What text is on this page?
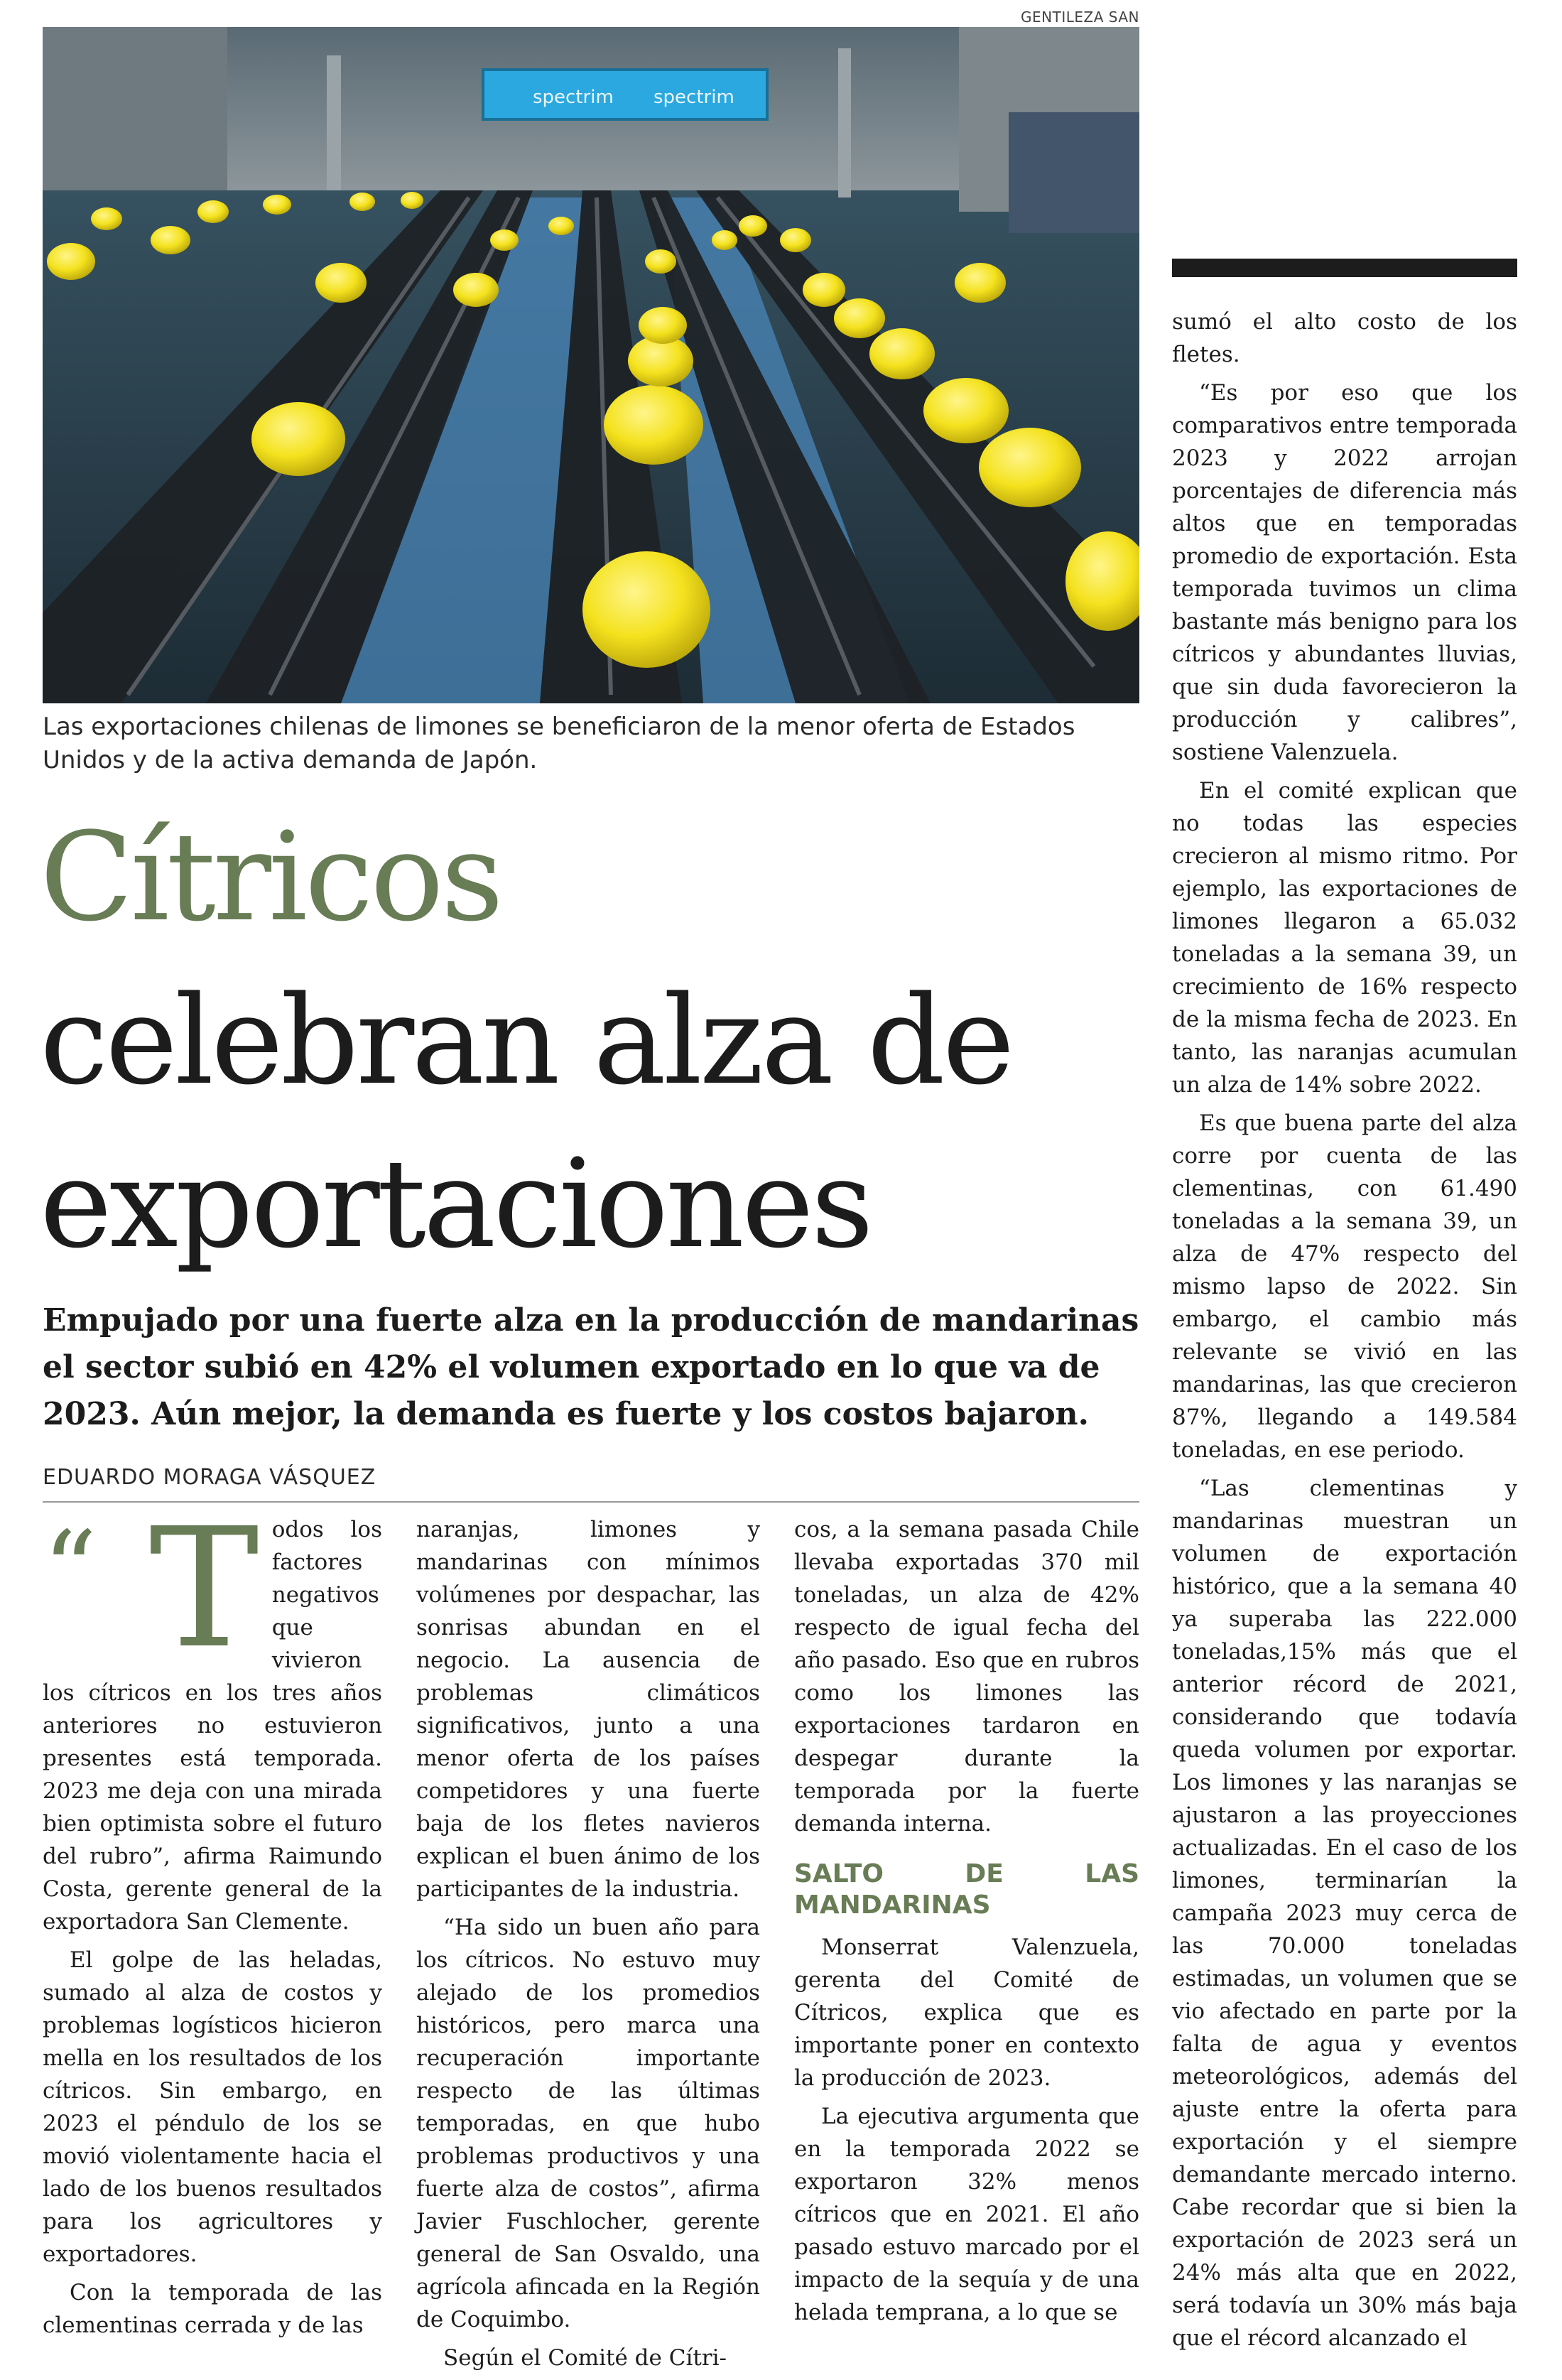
GENTILEZA SAN
spectrim spectrim
Las exportaciones chilenas de limones se beneficiaron de la menor oferta de Estados Unidos y de la activa demanda de Japón.
Cítricos
celebran alza de
exportaciones

Empujado por una fuerte alza en la producción de mandarinas el sector subió en 42% el volumen exportado en lo que va de 2023. Aún mejor, la demanda es fuerte y los costos bajaron.

EDUARDO MORAGA VÁSQUEZ
“ T odos los factores negativos que vivieron los cítricos en los tres años anteriores no estuvieron presentes está temporada. 2023 me deja con una mirada bien optimista sobre el futuro del rubro”, afirma Raimundo Costa, gerente general de la exportadora San Clemente.

El golpe de las heladas, sumado al alza de costos y problemas logísticos hicieron mella en los resultados de los cítricos. Sin embargo, en 2023 el péndulo de los se movió violentamente hacia el lado de los buenos resultados para los agricultores y exportadores.

Con la temporada de las clementinas cerrada y de las

naranjas, limones y mandarinas con mínimos volúmenes por despachar, las sonrisas abundan en el negocio. La ausencia de problemas climáticos significativos, junto a una menor oferta de los países competidores y una fuerte baja de los fletes navieros explican el buen ánimo de los participantes de la industria.

“Ha sido un buen año para los cítricos. No estuvo muy alejado de los promedios históricos, pero marca una recuperación importante respecto de las últimas temporadas, en que hubo problemas productivos y una fuerte alza de costos”, afirma Javier Fuschlocher, gerente general de San Osvaldo, una agrícola afincada en la Región de Coquimbo.

Según el Comité de Cítri-

cos, a la semana pasada Chile llevaba exportadas 370 mil toneladas, un alza de 42% respecto de igual fecha del año pasado. Eso que en rubros como los limones las exportaciones tardaron en despegar durante la temporada por la fuerte demanda interna.

SALTO DE LAS MANDARINAS

Monserrat Valenzuela, gerenta del Comité de Cítricos, explica que es importante poner en contexto la producción de 2023.

La ejecutiva argumenta que en la temporada 2022 se exportaron 32% menos cítricos que en 2021. El año pasado estuvo marcado por el impacto de la sequía y de una helada temprana, a lo que se

sumó el alto costo de los fletes.

“Es por eso que los comparativos entre temporada 2023 y 2022 arrojan porcentajes de diferencia más altos que en temporadas promedio de exportación. Esta temporada tuvimos un clima bastante más benigno para los cítricos y abundantes lluvias, que sin duda favorecieron la producción y calibres”, sostiene Valenzuela.

En el comité explican que no todas las especies crecieron al mismo ritmo. Por ejemplo, las exportaciones de limones llegaron a 65.032 toneladas a la semana 39, un crecimiento de 16% respecto de la misma fecha de 2023. En tanto, las naranjas acumulan un alza de 14% sobre 2022.

Es que buena parte del alza corre por cuenta de las clementinas, con 61.490 toneladas a la semana 39, un alza de 47% respecto del mismo lapso de 2022. Sin embargo, el cambio más relevante se vivió en las mandarinas, las que crecieron 87%, llegando a 149.584 toneladas, en ese periodo.

“Las clementinas y mandarinas muestran un volumen de exportación histórico, que a la semana 40 ya superaba las 222.000 toneladas,15% más que el anterior récord de 2021, considerando que todavía queda volumen por exportar. Los limones y las naranjas se ajustaron a las proyecciones actualizadas. En el caso de los limones, terminarían la campaña 2023 muy cerca de las 70.000 toneladas estimadas, un volumen que se vio afectado en parte por la falta de agua y eventos meteorológicos, además del ajuste entre la oferta para exportación y el siempre demandante mercado interno. Cabe recordar que si bien la exportación de 2023 será un 24% más alta que en 2022, será todavía un 30% más baja que el récord alcanzado el
